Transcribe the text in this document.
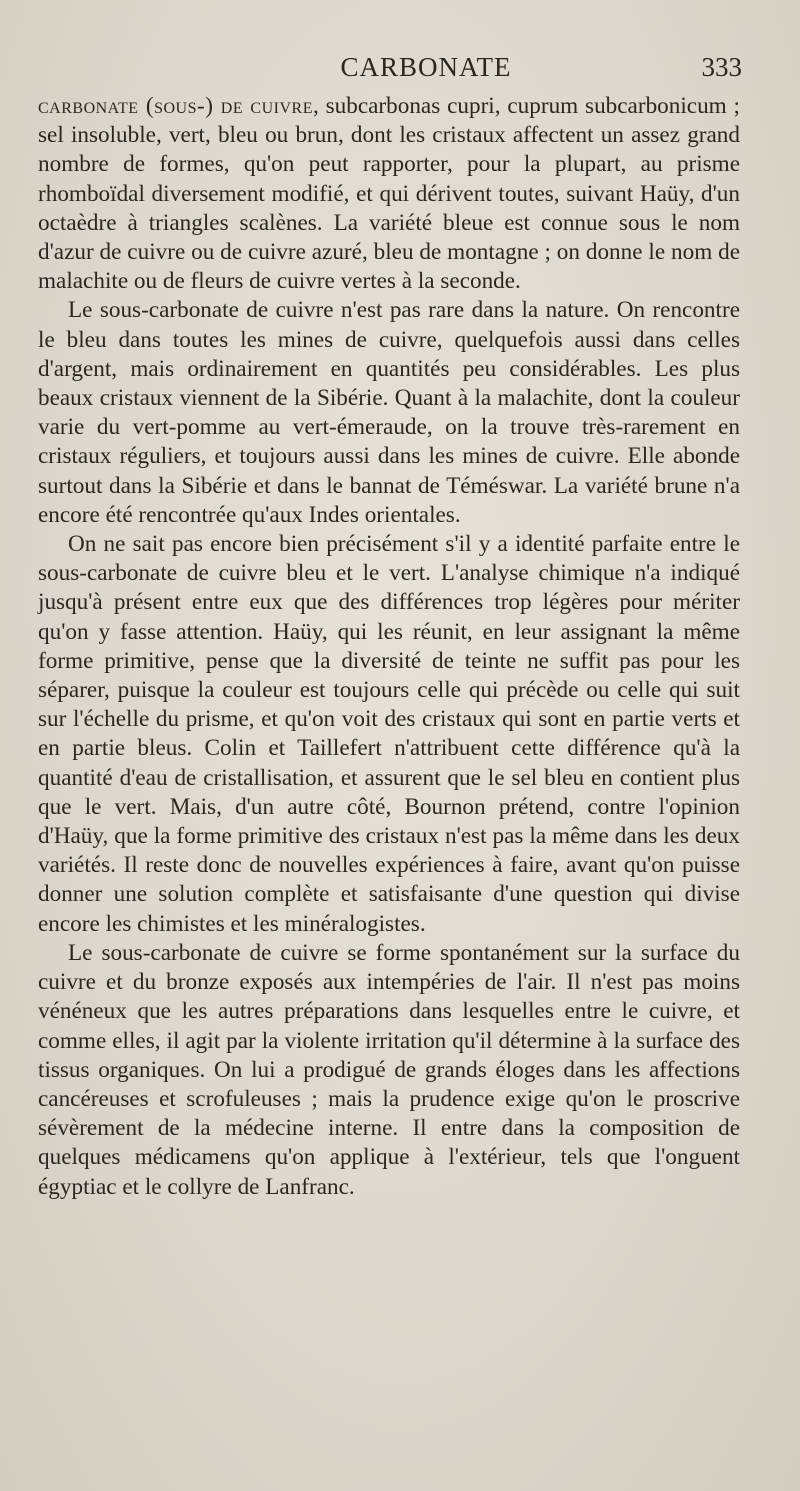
CARBONATE	333

carbonate (sous-) de cuivre, subcarbonas cupri, cuprum subcarbonicum ; sel insoluble, vert, bleu ou brun, dont les cristaux affectent un assez grand nombre de formes, qu'on peut rapporter, pour la plupart, au prisme rhomboïdal diversement modifié, et qui dérivent toutes, suivant Haüy, d'un octaèdre à triangles scalènes. La variété bleue est connue sous le nom d'azur de cuivre ou de cuivre azuré, bleu de montagne ; on donne le nom de malachite ou de fleurs de cuivre vertes à la seconde.

Le sous-carbonate de cuivre n'est pas rare dans la nature. On rencontre le bleu dans toutes les mines de cuivre, quelquefois aussi dans celles d'argent, mais ordinairement en quantités peu considérables. Les plus beaux cristaux viennent de la Sibérie. Quant à la malachite, dont la couleur varie du vert-pomme au vert-émeraude, on la trouve très-rarement en cristaux réguliers, et toujours aussi dans les mines de cuivre. Elle abonde surtout dans la Sibérie et dans le bannat de Téméswar. La variété brune n'a encore été rencontrée qu'aux Indes orientales.

On ne sait pas encore bien précisément s'il y a identité parfaite entre le sous-carbonate de cuivre bleu et le vert. L'analyse chimique n'a indiqué jusqu'à présent entre eux que des différences trop légères pour mériter qu'on y fasse attention. Haüy, qui les réunit, en leur assignant la même forme primitive, pense que la diversité de teinte ne suffit pas pour les séparer, puisque la couleur est toujours celle qui précède ou celle qui suit sur l'échelle du prisme, et qu'on voit des cristaux qui sont en partie verts et en partie bleus. Colin et Taillefert n'attribuent cette différence qu'à la quantité d'eau de cristallisation, et assurent que le sel bleu en contient plus que le vert. Mais, d'un autre côté, Bournon prétend, contre l'opinion d'Haüy, que la forme primitive des cristaux n'est pas la même dans les deux variétés. Il reste donc de nouvelles expériences à faire, avant qu'on puisse donner une solution complète et satisfaisante d'une question qui divise encore les chimistes et les minéralogistes.

Le sous-carbonate de cuivre se forme spontanément sur la surface du cuivre et du bronze exposés aux intempéries de l'air. Il n'est pas moins vénéneux que les autres préparations dans lesquelles entre le cuivre, et comme elles, il agit par la violente irritation qu'il détermine à la surface des tissus organiques. On lui a prodigué de grands éloges dans les affections cancéreuses et scrofuleuses ; mais la prudence exige qu'on le proscrive sévèrement de la médecine interne. Il entre dans la composition de quelques médicamens qu'on applique à l'extérieur, tels que l'onguent égyptiac et le collyre de Lanfranc.
